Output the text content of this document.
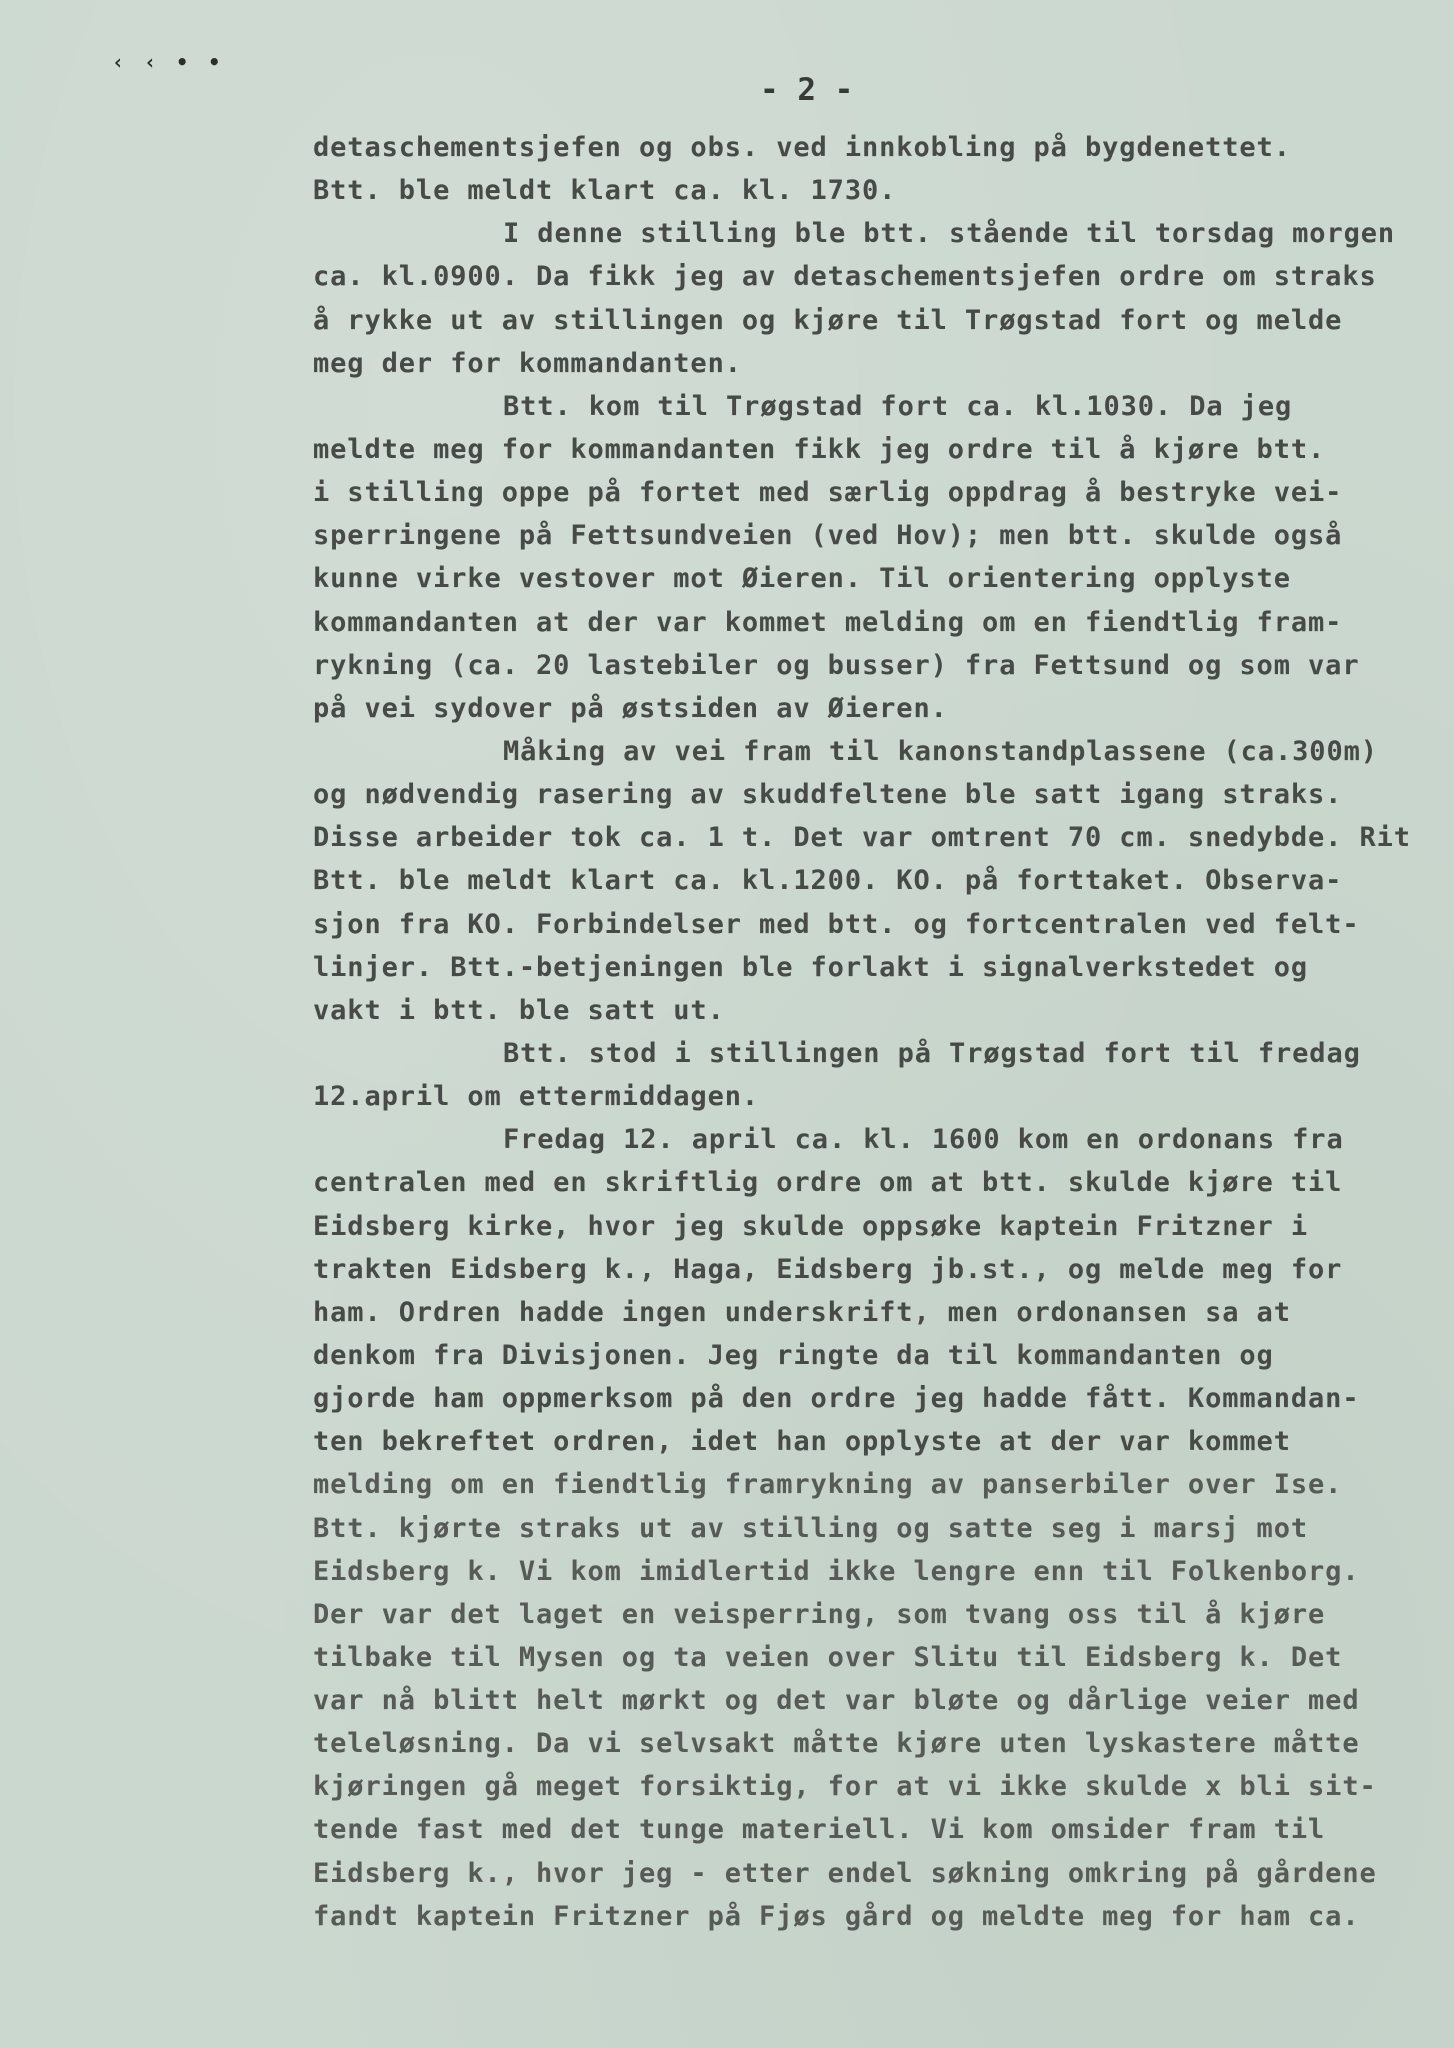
‹ ‹ • •
- 2 -
detaschementsjefen og obs. ved innkobling på bygdenettet.
Btt. ble meldt klart ca. kl. 1730.
I denne stilling ble btt. stående til torsdag morgen
ca. kl.0900. Da fikk jeg av detaschementsjefen ordre om straks
å rykke ut av stillingen og kjøre til Trøgstad fort og melde
meg der for kommandanten.
Btt. kom til Trøgstad fort ca. kl.1030. Da jeg
meldte meg for kommandanten fikk jeg ordre til å kjøre btt.
i stilling oppe på fortet med særlig oppdrag å bestryke vei-
sperringene på Fettsundveien (ved Hov); men btt. skulde også
kunne virke vestover mot Øieren. Til orientering opplyste
kommandanten at der var kommet melding om en fiendtlig fram-
rykning (ca. 20 lastebiler og busser) fra Fettsund og som var
på vei sydover på østsiden av Øieren.
Måking av vei fram til kanonstandplassene (ca.300m)
og nødvendig rasering av skuddfeltene ble satt igang straks.
Disse arbeider tok ca. 1 t. Det var omtrent 70 cm. snedybde. Rit
Btt. ble meldt klart ca. kl.1200. KO. på forttaket. Observa-
sjon fra KO. Forbindelser med btt. og fortcentralen ved felt-
linjer. Btt.-betjeningen ble forlakt i signalverkstedet og
vakt i btt. ble satt ut.
Btt. stod i stillingen på Trøgstad fort til fredag
12.april om ettermiddagen.
Fredag 12. april ca. kl. 1600 kom en ordonans fra
centralen med en skriftlig ordre om at btt. skulde kjøre til
Eidsberg kirke, hvor jeg skulde oppsøke kaptein Fritzner i
trakten Eidsberg k., Haga, Eidsberg jb.st., og melde meg for
ham. Ordren hadde ingen underskrift, men ordonansen sa at
denkom fra Divisjonen. Jeg ringte da til kommandanten og
gjorde ham oppmerksom på den ordre jeg hadde fått. Kommandan-
ten bekreftet ordren, idet han opplyste at der var kommet
melding om en fiendtlig framrykning av panserbiler over Ise.
Btt. kjørte straks ut av stilling og satte seg i marsj mot
Eidsberg k. Vi kom imidlertid ikke lengre enn til Folkenborg.
Der var det laget en veisperring, som tvang oss til å kjøre
tilbake til Mysen og ta veien over Slitu til Eidsberg k. Det
var nå blitt helt mørkt og det var bløte og dårlige veier med
teleløsning. Da vi selvsakt måtte kjøre uten lyskastere måtte
kjøringen gå meget forsiktig, for at vi ikke skulde x bli sit-
tende fast med det tunge materiell. Vi kom omsider fram til
Eidsberg k., hvor jeg - etter endel søkning omkring på gårdene
fandt kaptein Fritzner på Fjøs gård og meldte meg for ham ca.
